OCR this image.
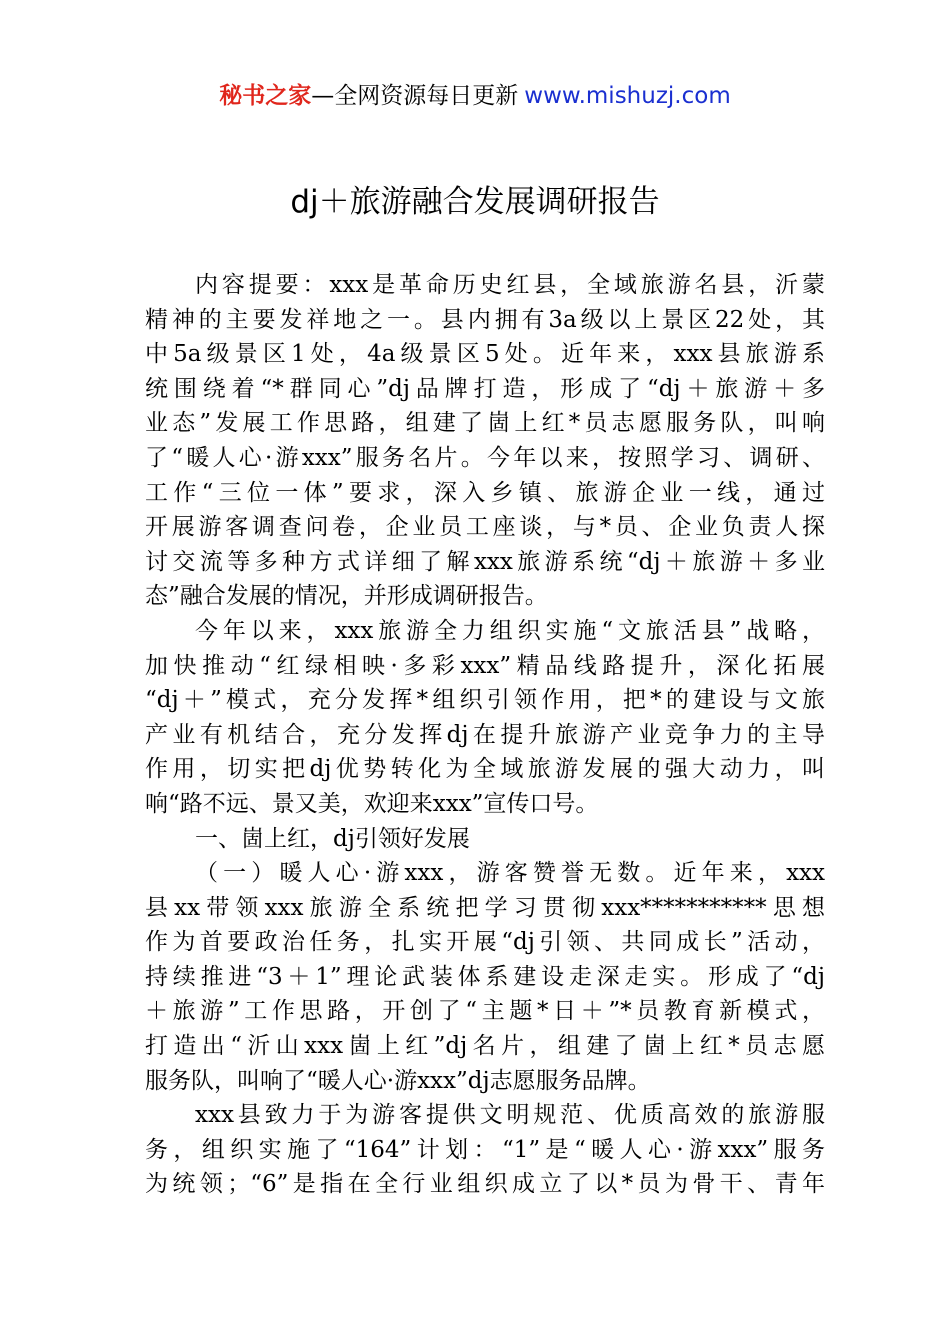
秘书之家—全网资源每日更新 www.mishuzj.com
dj＋旅游融合发展调研报告
内容提要：xxx是革命历史红县，全域旅游名县，沂蒙
精神的主要发祥地之一。县内拥有3a级以上景区22处，其
中5a级景区1处，4a级景区5处。近年来，xxx县旅游系
统围绕着“*群同心”dj品牌打造，形成了“dj＋旅游＋多
业态”发展工作思路，组建了崮上红*员志愿服务队，叫响
了“暖人心·游xxx”服务名片。今年以来，按照学习、调研、
工作“三位一体”要求，深入乡镇、旅游企业一线，通过
开展游客调查问卷，企业员工座谈，与*员、企业负责人探
讨交流等多种方式详细了解xxx旅游系统“dj＋旅游＋多业
态”融合发展的情况，并形成调研报告。
今年以来，xxx旅游全力组织实施“文旅活县”战略，
加快推动“红绿相映·多彩xxx”精品线路提升，深化拓展
“dj＋”模式，充分发挥*组织引领作用，把*的建设与文旅
产业有机结合，充分发挥dj在提升旅游产业竞争力的主导
作用，切实把dj优势转化为全域旅游发展的强大动力，叫
响“路不远、景又美，欢迎来xxx”宣传口号。
一、崮上红，dj引领好发展
（一）暖人心·游xxx，游客赞誉无数。近年来，xxx
县xx带领xxx旅游全系统把学习贯彻xxx***********思想
作为首要政治任务，扎实开展“dj引领、共同成长”活动，
持续推进“3＋1”理论武装体系建设走深走实。形成了“dj
＋旅游”工作思路，开创了“主题*日＋”*员教育新模式，
打造出“沂山xxx崮上红”dj名片，组建了崮上红*员志愿
服务队，叫响了“暖人心·游xxx”dj志愿服务品牌。
xxx县致力于为游客提供文明规范、优质高效的旅游服
务，组织实施了“164”计划：“1”是“暖人心·游xxx”服务
为统领；“6”是指在全行业组织成立了以*员为骨干、青年
